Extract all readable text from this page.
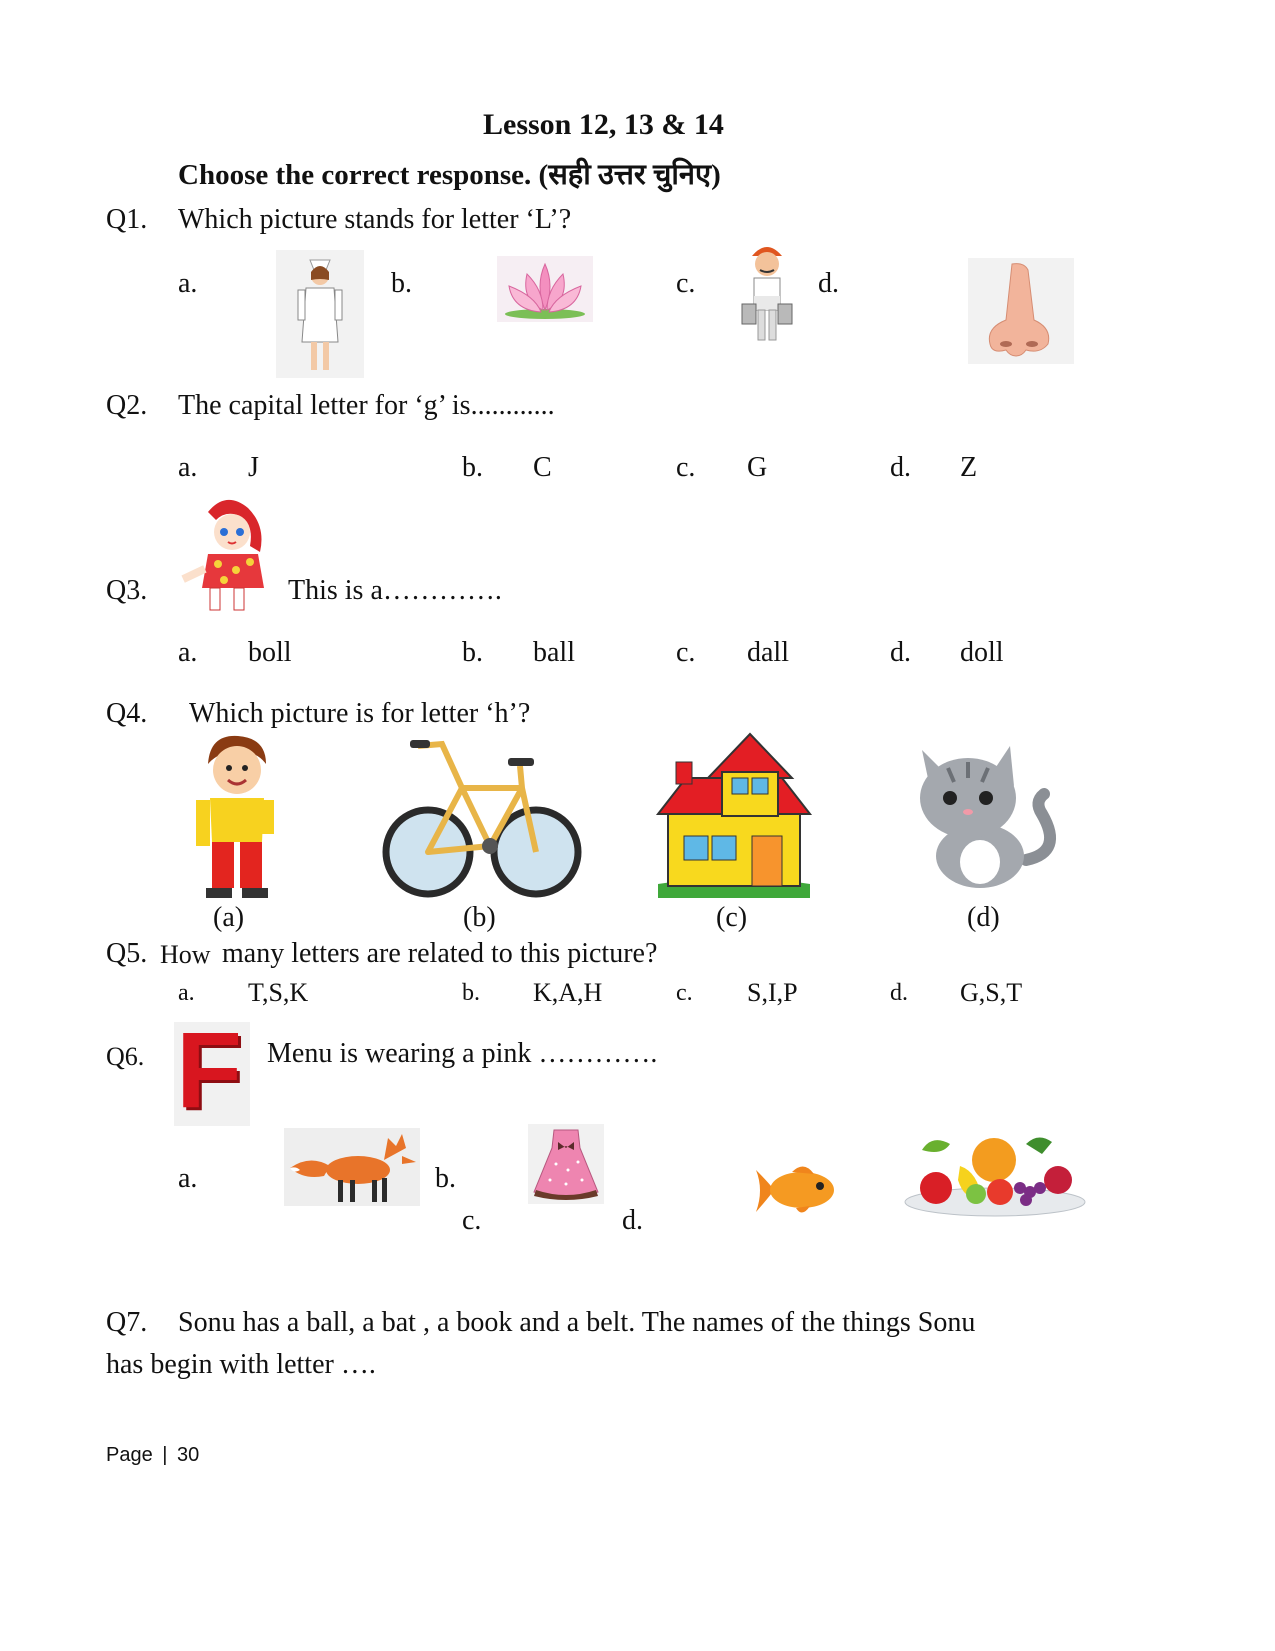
Lesson 12, 13 & 14
Choose the correct response. (सही उत्तर चुनिए)
Q1. Which picture stands for letter ‘L’?
a.	b.	c.	d.
Q2. The capital letter for ‘g’ is............
a. J	b. C	c. G	d. Z
Q3.	This is a………….
a. boll	b. ball	c. dall	d. doll
Q4. Which picture is for letter ‘h’?
(a)	(b)	(c)	(d)
Q5. How many letters are related to this picture?
a. T,S,K	b. K,A,H	c. S,I,P	d. G,S,T
Q6. F Menu is wearing a pink ………….
a.	b.
c.	d.
Q7. Sonu has a ball, a bat , a book and a belt. The names of the things Sonu
has begin with letter ….
Page | 30
